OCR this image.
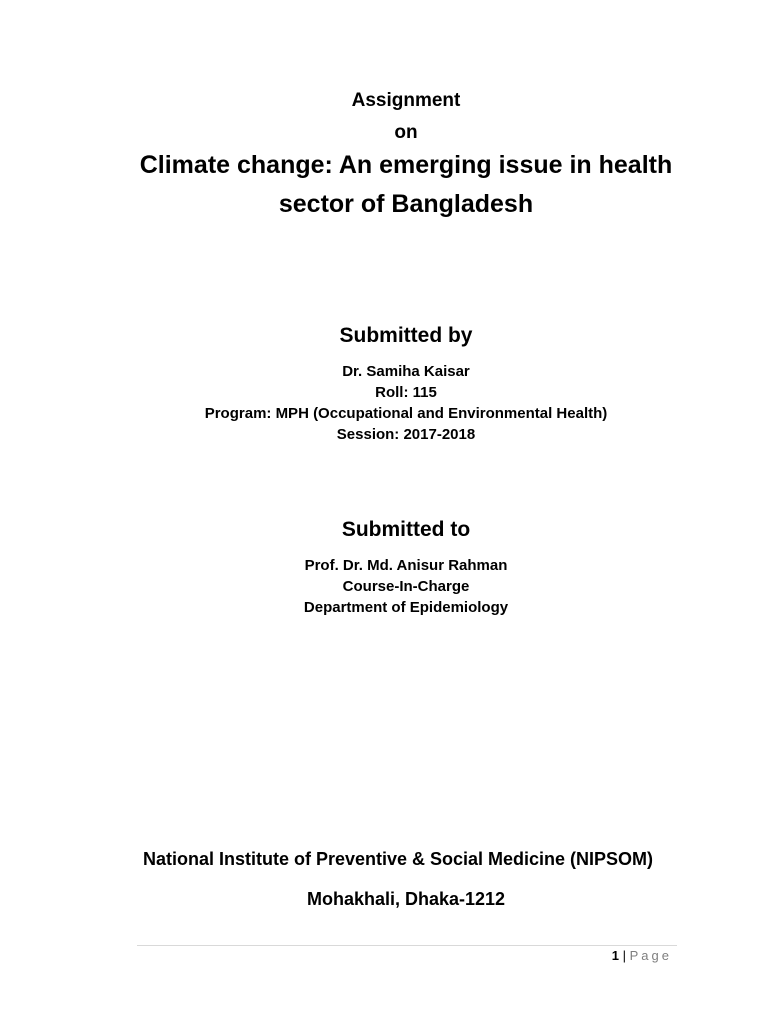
Assignment
on
Climate change: An emerging issue in health
sector of Bangladesh
Submitted by
Dr. Samiha Kaisar
Roll: 115
Program: MPH (Occupational and Environmental Health)
Session: 2017-2018
Submitted to
Prof. Dr. Md. Anisur Rahman
Course-In-Charge
Department of Epidemiology
National Institute of Preventive & Social Medicine (NIPSOM)
Mohakhali, Dhaka-1212
1 | Page
